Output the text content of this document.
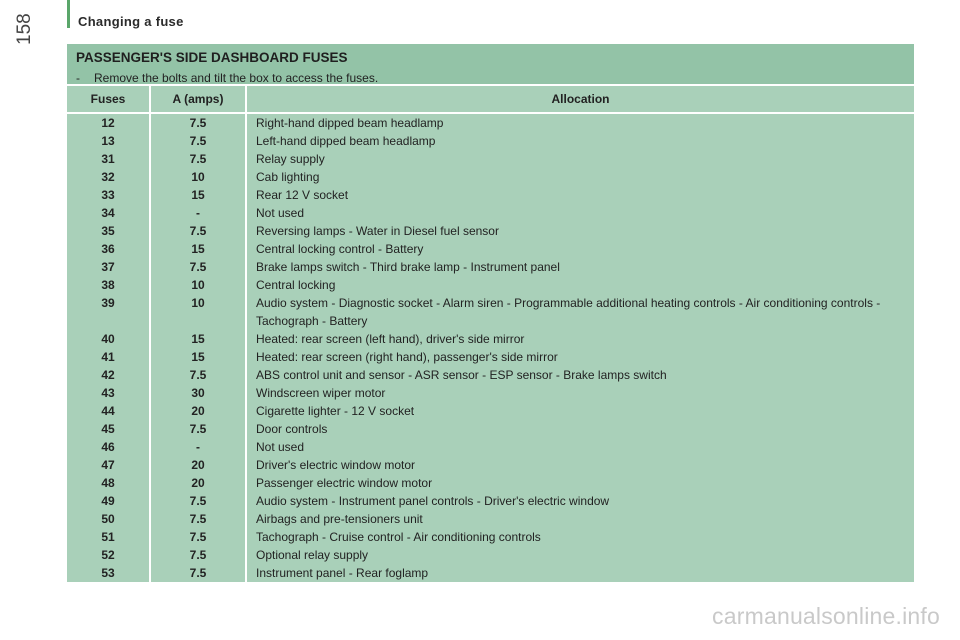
Changing a fuse
158
PASSENGER'S SIDE DASHBOARD FUSES
- Remove the bolts and tilt the box to access the fuses.
Fuses	A (amps)	Allocation
12	7.5	Right-hand dipped beam headlamp
13	7.5	Left-hand dipped beam headlamp
31	7.5	Relay supply
32	10	Cab lighting
33	15	Rear 12 V socket
34	-	Not used
35	7.5	Reversing lamps - Water in Diesel fuel sensor
36	15	Central locking control - Battery
37	7.5	Brake lamps switch - Third brake lamp - Instrument panel
38	10	Central locking
39	10	Audio system - Diagnostic socket - Alarm siren - Programmable additional heating controls - Air conditioning controls - Tachograph - Battery
40	15	Heated: rear screen (left hand), driver's side mirror
41	15	Heated: rear screen (right hand), passenger's side mirror
42	7.5	ABS control unit and sensor - ASR sensor - ESP sensor - Brake lamps switch
43	30	Windscreen wiper motor
44	20	Cigarette lighter - 12 V socket
45	7.5	Door controls
46	-	Not used
47	20	Driver's electric window motor
48	20	Passenger electric window motor
49	7.5	Audio system - Instrument panel controls - Driver's electric window
50	7.5	Airbags and pre-tensioners unit
51	7.5	Tachograph - Cruise control - Air conditioning controls
52	7.5	Optional relay supply
53	7.5	Instrument panel - Rear foglamp
carmanualsonline.info
